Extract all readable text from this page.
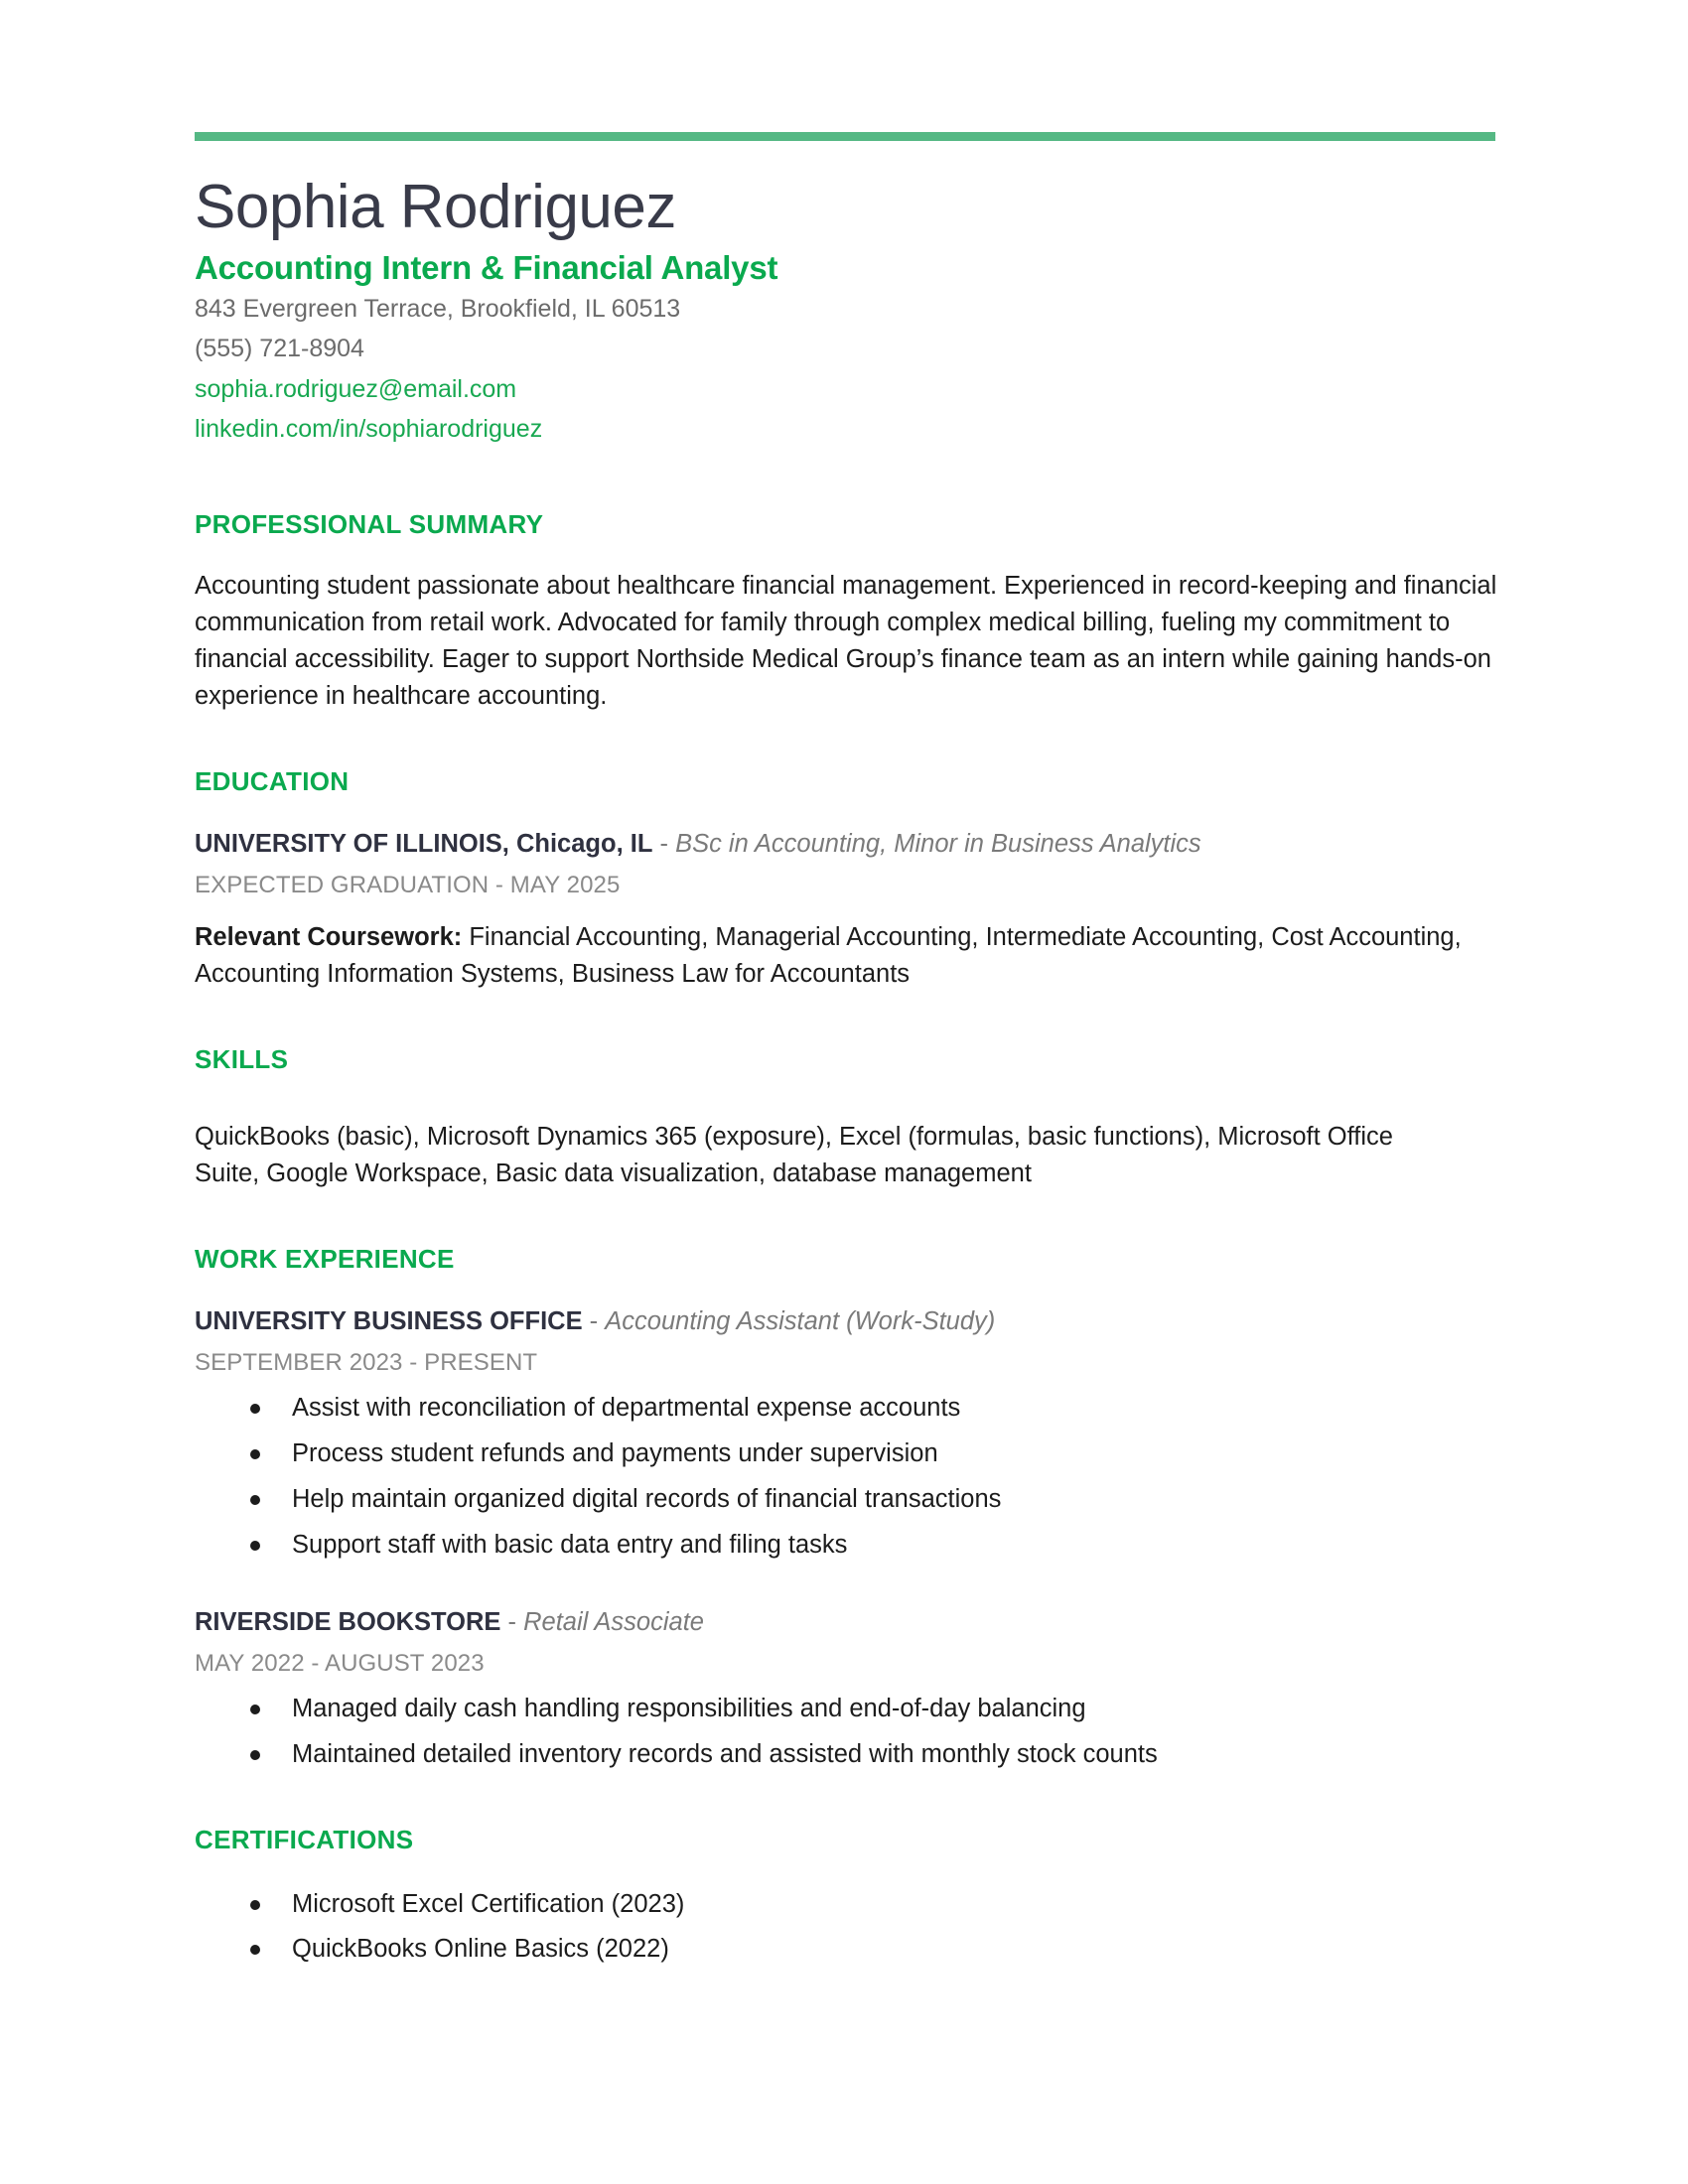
Sophia Rodriguez
Accounting Intern & Financial Analyst
843 Evergreen Terrace, Brookfield, IL 60513
(555) 721-8904
sophia.rodriguez@email.com
linkedin.com/in/sophiarodriguez
PROFESSIONAL SUMMARY

Accounting student passionate about healthcare financial management. Experienced in record-keeping and financial communication from retail work. Advocated for family through complex medical billing, fueling my commitment to financial accessibility. Eager to support Northside Medical Group’s finance team as an intern while gaining hands-on experience in healthcare accounting.

EDUCATION
UNIVERSITY OF ILLINOIS, Chicago, IL - BSc in Accounting, Minor in Business Analytics
EXPECTED GRADUATION - MAY 2025

Relevant Coursework: Financial Accounting, Managerial Accounting, Intermediate Accounting, Cost Accounting, Accounting Information Systems, Business Law for Accountants

SKILLS

QuickBooks (basic), Microsoft Dynamics 365 (exposure), Excel (formulas, basic functions), Microsoft Office Suite, Google Workspace, Basic data visualization, database management

WORK EXPERIENCE
UNIVERSITY BUSINESS OFFICE - Accounting Assistant (Work-Study)
SEPTEMBER 2023 - PRESENT
Assist with reconciliation of departmental expense accounts
Process student refunds and payments under supervision
Help maintain organized digital records of financial transactions
Support staff with basic data entry and filing tasks
RIVERSIDE BOOKSTORE - Retail Associate
MAY 2022 - AUGUST 2023
Managed daily cash handling responsibilities and end-of-day balancing
Maintained detailed inventory records and assisted with monthly stock counts
CERTIFICATIONS
Microsoft Excel Certification (2023)
QuickBooks Online Basics (2022)
